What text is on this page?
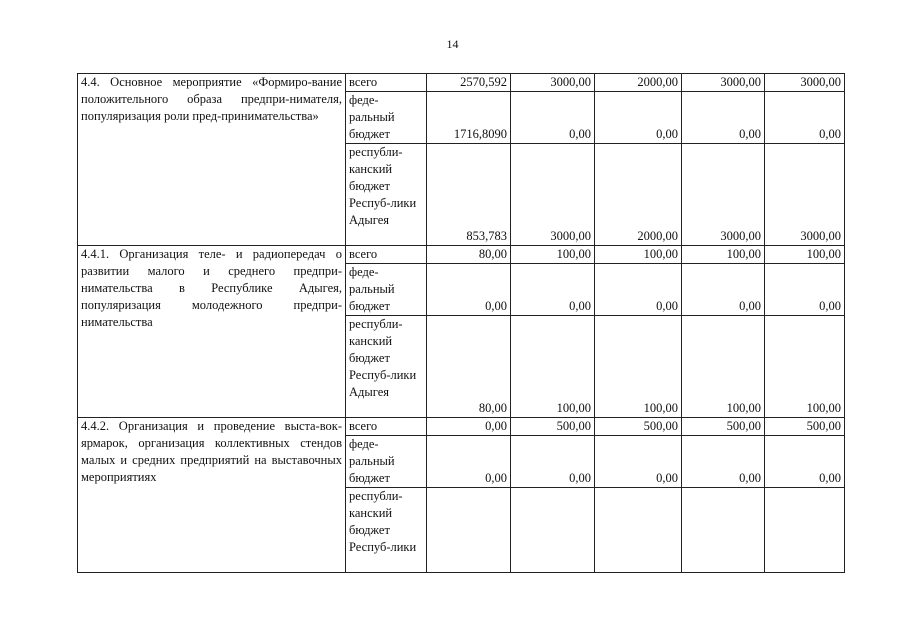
14
4.4. Основное мероприятие «Формиро-вание положительного образа предпри-нимателя, популяризация роли пред-принимательства»	всего	2570,592	3000,00	2000,00	3000,00	3000,00
	феде-ральный бюджет	1716,8090	0,00	0,00	0,00	0,00
	республи-канский бюджет Респуб-лики Адыгея	853,783	3000,00	2000,00	3000,00	3000,00
4.4.1. Организация теле- и радиопередач о развитии малого и среднего предпри-нимательства в Республике Адыгея, популяризация молодежного предпри-нимательства	всего	80,00	100,00	100,00	100,00	100,00
	феде-ральный бюджет	0,00	0,00	0,00	0,00	0,00
	республи-канский бюджет Респуб-лики Адыгея	80,00	100,00	100,00	100,00	100,00
4.4.2. Организация и проведение выстa-вок-ярмарок, организация коллективных стендов малых и средних предприятий на выставочных мероприятиях	всего	0,00	500,00	500,00	500,00	500,00
	феде-ральный бюджет	0,00	0,00	0,00	0,00	0,00
	республи-канский бюджет Респуб-лики					
